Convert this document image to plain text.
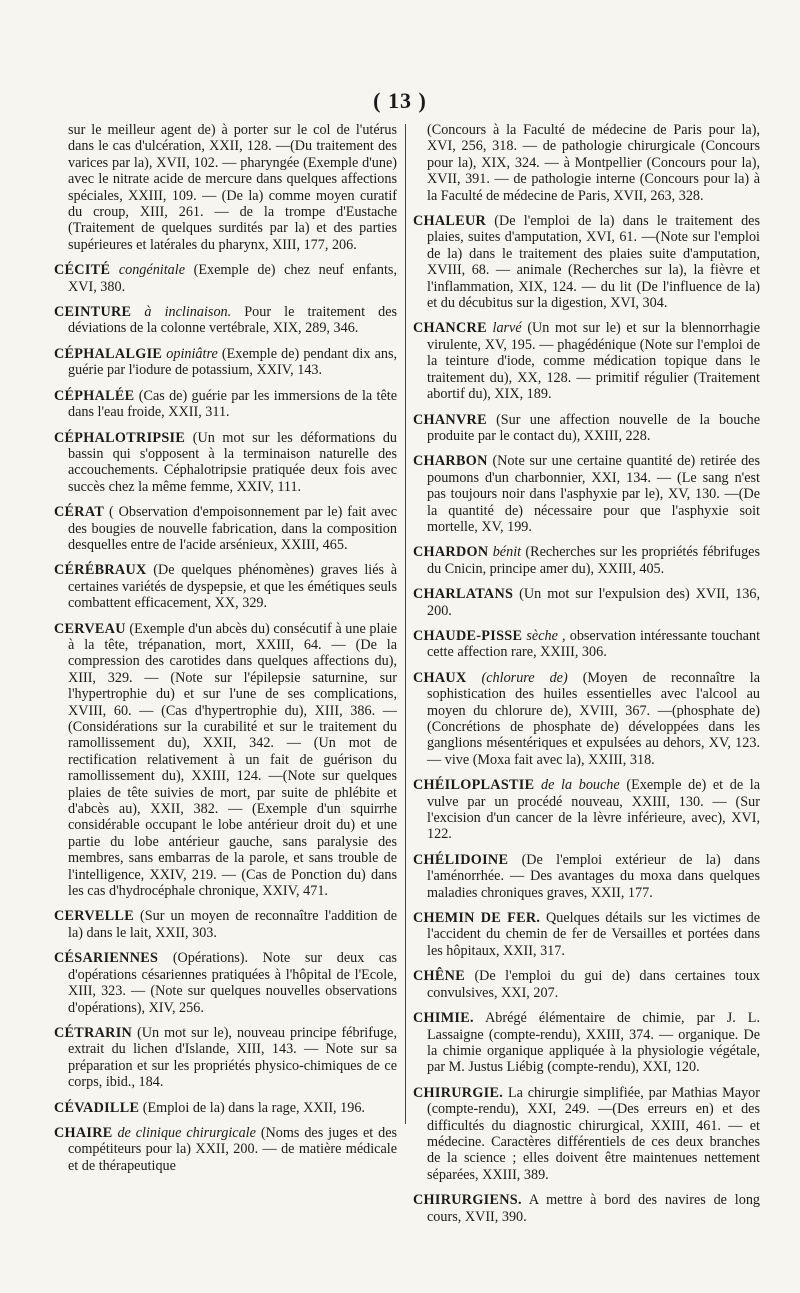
( 13 )

sur le meilleur agent de) à porter sur le col de l'utérus dans le cas d'ulcération, XXII, 128. —(Du traitement des varices par la), XVII, 102. — pharyngée (Exemple d'une) avec le nitrate acide de mercure dans quelques affections spéciales, XXIII, 109. — (De la) comme moyen curatif du croup, XIII, 261. — de la trompe d'Eustache (Traitement de quelques surdités par la) et des parties supérieures et latérales du pharynx, XIII, 177, 206.

CÉCITÉ congénitale (Exemple de) chez neuf enfants, XVI, 380.

CEINTURE à inclinaison. Pour le traitement des déviations de la colonne vertébrale, XIX, 289, 346.

CÉPHALALGIE opiniâtre (Exemple de) pendant dix ans, guérie par l'iodure de potassium, XXIV, 143.

CÉPHALÉE (Cas de) guérie par les immersions de la tête dans l'eau froide, XXII, 311.

CÉPHALOTRIPSIE (Un mot sur les déformations du bassin qui s'opposent à la terminaison naturelle des accouchements. Céphalotripsie pratiquée deux fois avec succès chez la même femme, XXIV, 111.

CÉRAT ( Observation d'empoisonnement par le) fait avec des bougies de nouvelle fabrication, dans la composition desquelles entre de l'acide arsénieux, XXIII, 465.

CÉRÉBRAUX (De quelques phénomènes) graves liés à certaines variétés de dyspepsie, et que les émétiques seuls combattent efficacement, XX, 329.

CERVEAU (Exemple d'un abcès du) consécutif à une plaie à la tête, trépanation, mort, XXIII, 64. — (De la compression des carotides dans quelques affections du), XIII, 329. — (Note sur l'épilepsie saturnine, sur l'hypertrophie du) et sur l'une de ses complications, XVIII, 60. — (Cas d'hypertrophie du), XIII, 386. — (Considérations sur la curabilité et sur le traitement du ramollissement du), XXII, 342. — (Un mot de rectification relativement à un fait de guérison du ramollissement du), XXIII, 124. —(Note sur quelques plaies de tête suivies de mort, par suite de phlébite et d'abcès au), XXII, 382. — (Exemple d'un squirrhe considérable occupant le lobe antérieur droit du) et une partie du lobe antérieur gauche, sans paralysie des membres, sans embarras de la parole, et sans trouble de l'intelligence, XXIV, 219. — (Cas de Ponction du) dans les cas d'hydrocéphale chronique, XXIV, 471.

CERVELLE (Sur un moyen de reconnaître l'addition de la) dans le lait, XXII, 303.

CÉSARIENNES (Opérations). Note sur deux cas d'opérations césariennes pratiquées à l'hôpital de l'Ecole, XIII, 323. — (Note sur quelques nouvelles observations d'opérations), XIV, 256.

CÉTRARIN (Un mot sur le), nouveau principe fébrifuge, extrait du lichen d'Islande, XIII, 143. — Note sur sa préparation et sur les propriétés physico-chimiques de ce corps, ibid., 184.

CÉVADILLE (Emploi de la) dans la rage, XXII, 196.

CHAIRE de clinique chirurgicale (Noms des juges et des compétiteurs pour la) XXII, 200. — de matière médicale et de thérapeutique

(Concours à la Faculté de médecine de Paris pour la), XVI, 256, 318. — de pathologie chirurgicale (Concours pour la), XIX, 324. — à Montpellier (Concours pour la), XVII, 391. — de pathologie interne (Concours pour la) à la Faculté de médecine de Paris, XVII, 263, 328.

CHALEUR (De l'emploi de la) dans le traitement des plaies, suites d'amputation, XVI, 61. —(Note sur l'emploi de la) dans le traitement des plaies suite d'amputation, XVIII, 68. — animale (Recherches sur la), la fièvre et l'inflammation, XIX, 124. — du lit (De l'influence de la) et du décubitus sur la digestion, XVI, 304.

CHANCRE larvé (Un mot sur le) et sur la blennorrhagie virulente, XV, 195. — phagédénique (Note sur l'emploi de la teinture d'iode, comme médication topique dans le traitement du), XX, 128. — primitif régulier (Traitement abortif du), XIX, 189.

CHANVRE (Sur une affection nouvelle de la bouche produite par le contact du), XXIII, 228.

CHARBON (Note sur une certaine quantité de) retirée des poumons d'un charbonnier, XXI, 134. — (Le sang n'est pas toujours noir dans l'asphyxie par le), XV, 130. —(De la quantité de) nécessaire pour que l'asphyxie soit mortelle, XV, 199.

CHARDON bénit (Recherches sur les propriétés fébrifuges du Cnicin, principe amer du), XXIII, 405.

CHARLATANS (Un mot sur l'expulsion des) XVII, 136, 200.

CHAUDE-PISSE sèche , observation intéressante touchant cette affection rare, XXIII, 306.

CHAUX (chlorure de) (Moyen de reconnaître la sophistication des huiles essentielles avec l'alcool au moyen du chlorure de), XVIII, 367. —(phosphate de) (Concrétions de phosphate de) développées dans les ganglions mésentériques et expulsées au dehors, XV, 123. — vive (Moxa fait avec la), XXIII, 318.

CHÉILOPLASTIE de la bouche (Exemple de) et de la vulve par un procédé nouveau, XXIII, 130. — (Sur l'excision d'un cancer de la lèvre inférieure, avec), XVI, 122.

CHÉLIDOINE (De l'emploi extérieur de la) dans l'aménorrhée. — Des avantages du moxa dans quelques maladies chroniques graves, XXII, 177.

CHEMIN DE FER. Quelques détails sur les victimes de l'accident du chemin de fer de Versailles et portées dans les hôpitaux, XXII, 317.

CHÊNE (De l'emploi du gui de) dans certaines toux convulsives, XXI, 207.

CHIMIE. Abrégé élémentaire de chimie, par J. L. Lassaigne (compte-rendu), XXIII, 374. — organique. De la chimie organique appliquée à la physiologie végétale, par M. Justus Liébig (compte-rendu), XXI, 120.

CHIRURGIE. La chirurgie simplifiée, par Mathias Mayor (compte-rendu), XXI, 249. —(Des erreurs en) et des difficultés du diagnostic chirurgical, XXIII, 461. — et médecine. Caractères différentiels de ces deux branches de la science ; elles doivent être maintenues nettement séparées, XXIII, 389.

CHIRURGIENS. A mettre à bord des navires de long cours, XVII, 390.
